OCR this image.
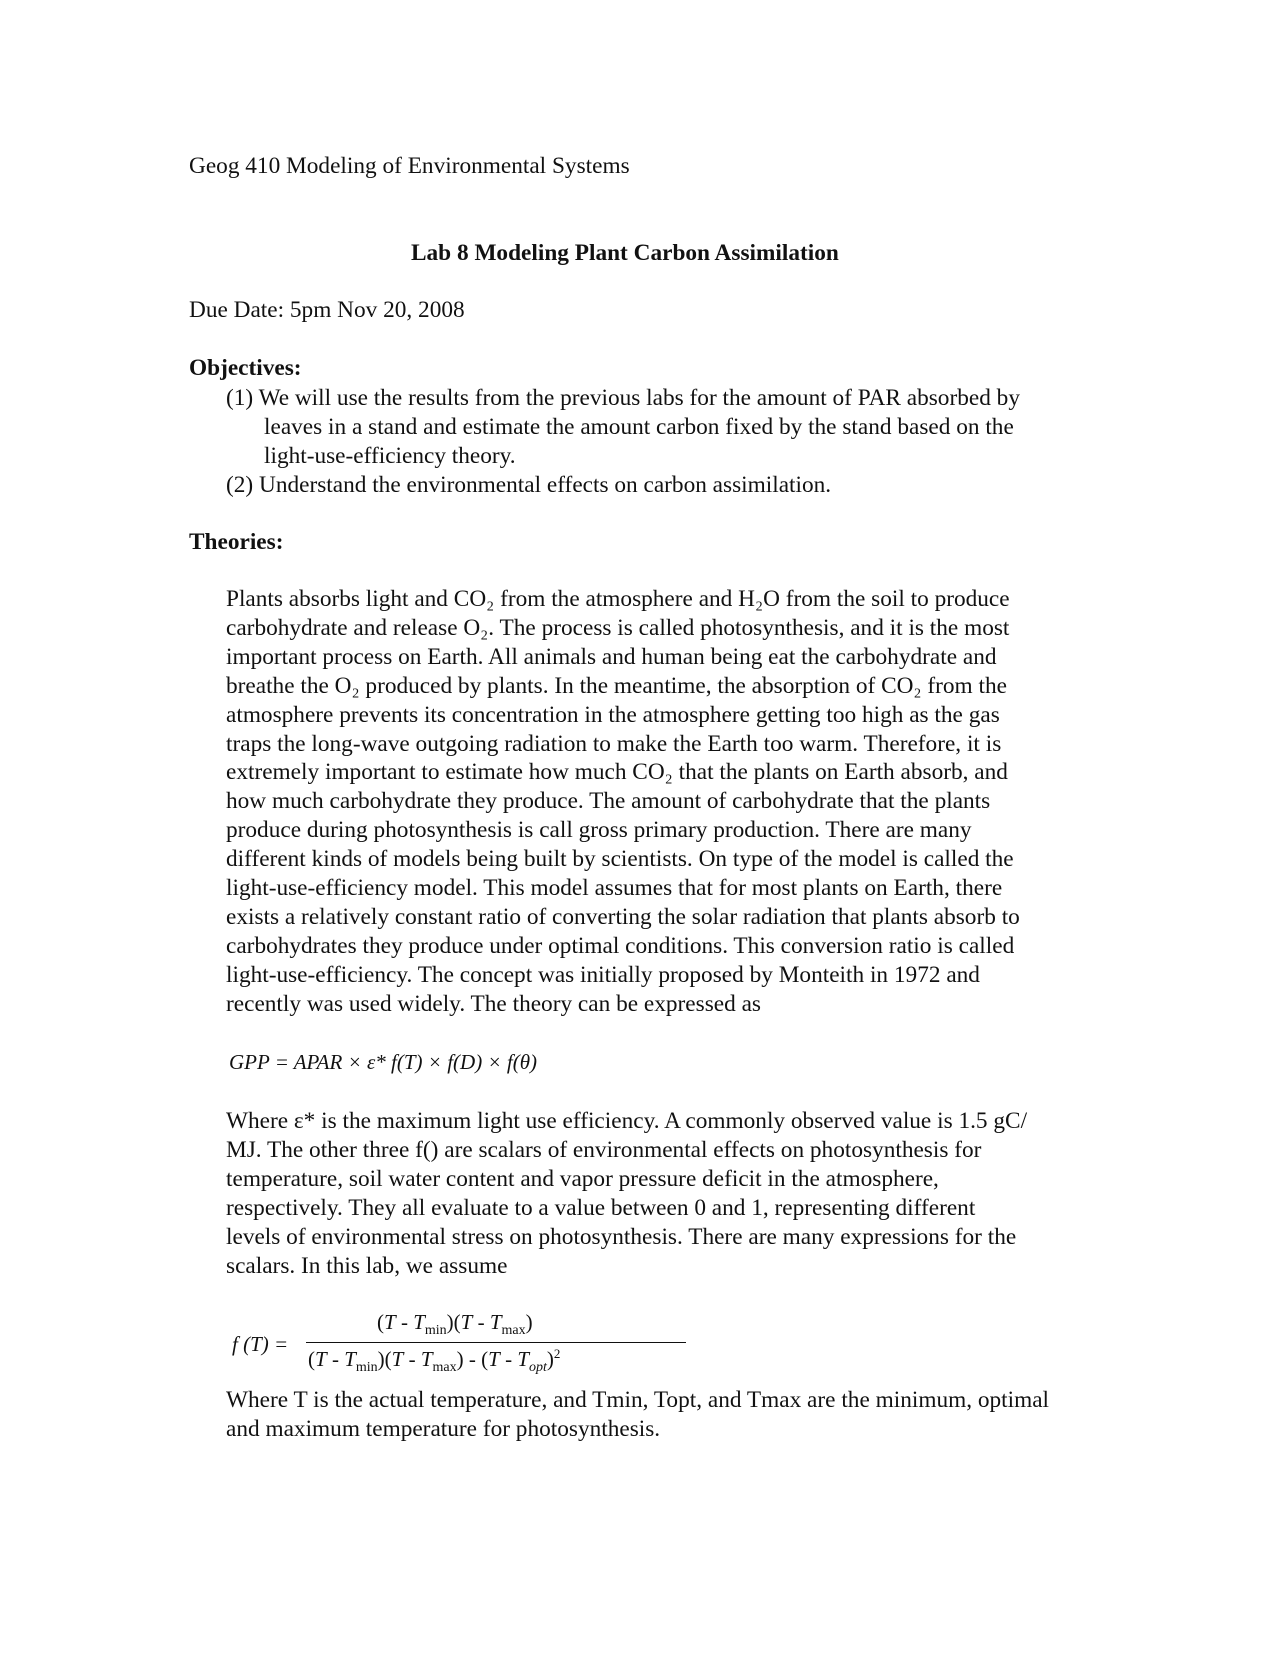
Geog 410 Modeling of Environmental Systems
Lab 8 Modeling Plant Carbon Assimilation
Due Date: 5pm Nov 20, 2008
Objectives:
(1) We will use the results from the previous labs for the amount of PAR absorbed by
leaves in a stand and estimate the amount carbon fixed by the stand based on the
light-use-efficiency theory.
(2) Understand the environmental effects on carbon assimilation.
Theories:
Plants absorbs light and CO₂ from the atmosphere and H₂O from the soil to produce
carbohydrate and release O₂. The process is called photosynthesis, and it is the most
important process on Earth. All animals and human being eat the carbohydrate and
breathe the O₂ produced by plants. In the meantime, the absorption of CO₂ from the
atmosphere prevents its concentration in the atmosphere getting too high as the gas
traps the long-wave outgoing radiation to make the Earth too warm. Therefore, it is
extremely important to estimate how much CO₂ that the plants on Earth absorb, and
how much carbohydrate they produce. The amount of carbohydrate that the plants
produce during photosynthesis is call gross primary production. There are many
different kinds of models being built by scientists. On type of the model is called the
light-use-efficiency model. This model assumes that for most plants on Earth, there
exists a relatively constant ratio of converting the solar radiation that plants absorb to
carbohydrates they produce under optimal conditions. This conversion ratio is called
light-use-efficiency. The concept was initially proposed by Monteith in 1972 and
recently was used widely. The theory can be expressed as
GPP = APAR × ε* f(T) × f(D) × f(θ)
Where ε* is the maximum light use efficiency. A commonly observed value is 1.5 gC/
MJ. The other three f() are scalars of environmental effects on photosynthesis for
temperature, soil water content and vapor pressure deficit in the atmosphere,
respectively. They all evaluate to a value between 0 and 1, representing different
levels of environmental stress on photosynthesis. There are many expressions for the
scalars. In this lab, we assume
f (T) =
$(T - T_{min})(T - T_{max})$
$(T - T_{min})(T - T_{max}) - (T - T_{opt})^2$
Where T is the actual temperature, and Tmin, Topt, and Tmax are the minimum, optimal
and maximum temperature for photosynthesis.
